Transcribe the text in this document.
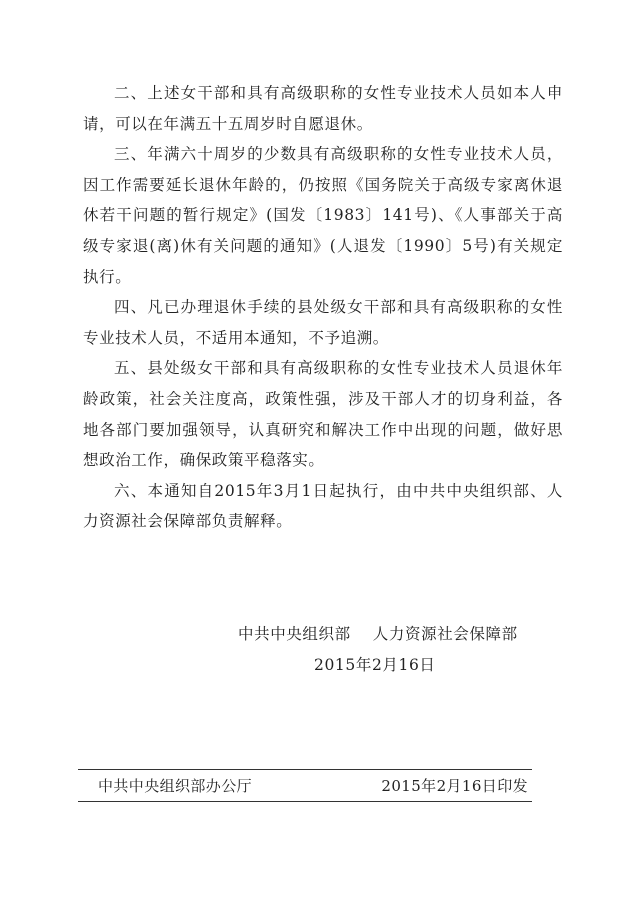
二、上述女干部和具有高级职称的女性专业技术人员如本人申请，可以在年满五十五周岁时自愿退休。

三、年满六十周岁的少数具有高级职称的女性专业技术人员，因工作需要延长退休年龄的，仍按照《国务院关于高级专家离休退休若干问题的暂行规定》(国发〔1983〕141号)、《人事部关于高级专家退(离)休有关问题的通知》(人退发〔1990〕5号)有关规定执行。

四、凡已办理退休手续的县处级女干部和具有高级职称的女性专业技术人员，不适用本通知，不予追溯。

五、县处级女干部和具有高级职称的女性专业技术人员退休年龄政策，社会关注度高，政策性强，涉及干部人才的切身利益，各地各部门要加强领导，认真研究和解决工作中出现的问题，做好思想政治工作，确保政策平稳落实。

六、本通知自2015年3月1日起执行，由中共中央组织部、人力资源社会保障部负责解释。

中共中央组织部    人力资源社会保障部
2015年2月16日
中共中央组织部办公厅	2015年2月16日印发
